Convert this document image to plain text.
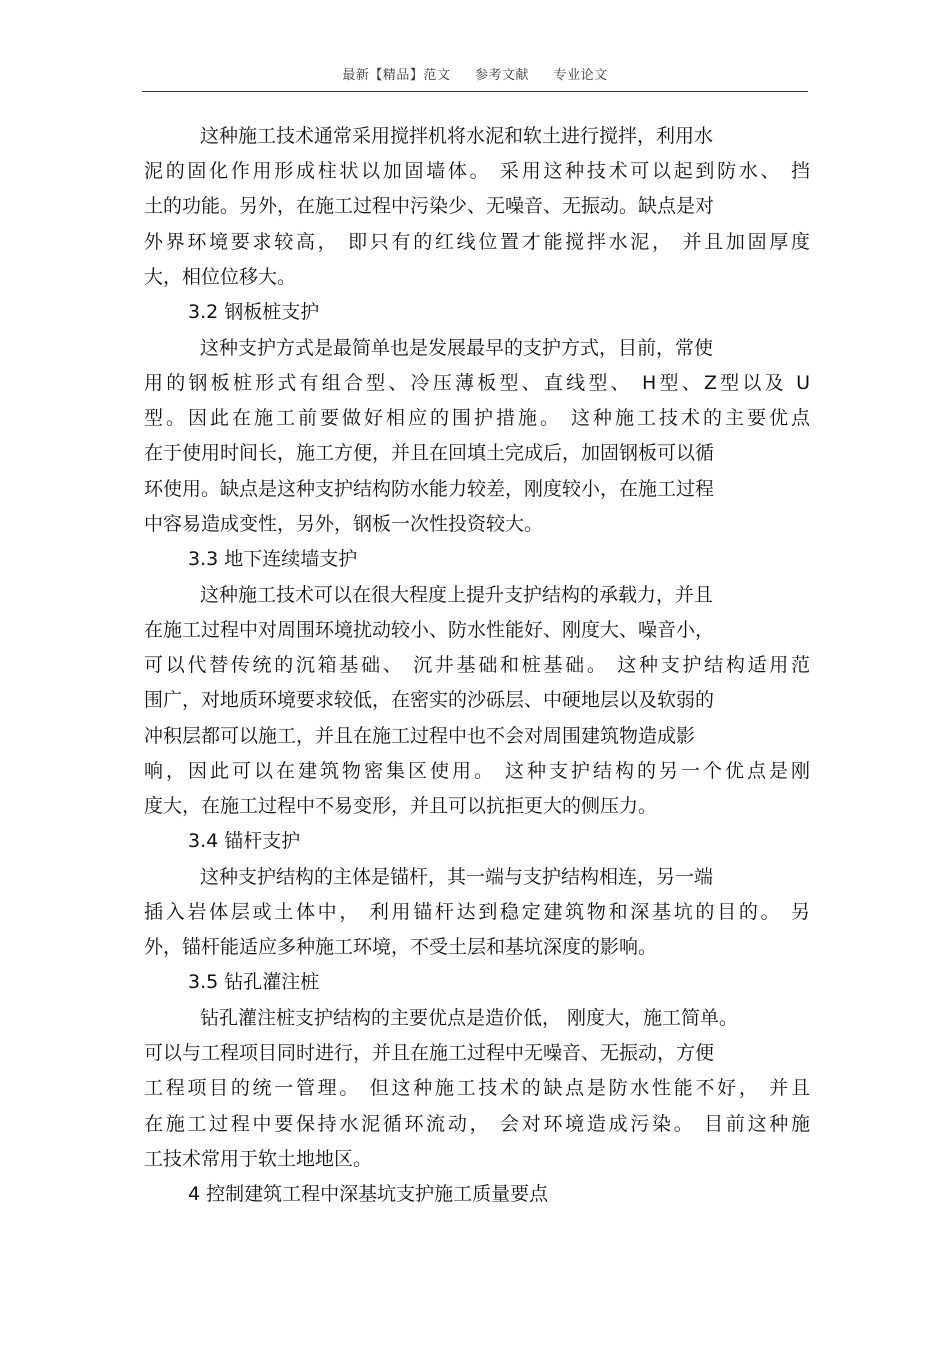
最新【精品】范文 参考文献 专业论文

这种施工技术通常采用搅拌机将水泥和软土进行搅拌，利用水

泥的固化作用形成柱状以加固墙体。 采用这种技术可以起到防水、 挡

土的功能。另外，在施工过程中污染少、无噪音、无振动。缺点是对

外界环境要求较高， 即只有的红线位置才能搅拌水泥， 并且加固厚度

大，相位位移大。

3.2 钢板桩支护

这种支护方式是最简单也是发展最早的支护方式，目前，常使

用的钢板桩形式有组合型、冷压薄板型、直线型、 H型、Z型以及 U

型。因此在施工前要做好相应的围护措施。 这种施工技术的主要优点

在于使用时间长，施工方便，并且在回填土完成后，加固钢板可以循

环使用。缺点是这种支护结构防水能力较差，刚度较小，在施工过程

中容易造成变性，另外，钢板一次性投资较大。

3.3 地下连续墙支护

这种施工技术可以在很大程度上提升支护结构的承载力，并且

在施工过程中对周围环境扰动较小、防水性能好、刚度大、噪音小，

可以代替传统的沉箱基础、 沉井基础和桩基础。 这种支护结构适用范

围广，对地质环境要求较低，在密实的沙砾层、中硬地层以及软弱的

冲积层都可以施工，并且在施工过程中也不会对周围建筑物造成影

响，因此可以在建筑物密集区使用。 这种支护结构的另一个优点是刚

度大，在施工过程中不易变形，并且可以抗拒更大的侧压力。

3.4 锚杆支护

这种支护结构的主体是锚杆，其一端与支护结构相连，另一端

插入岩体层或土体中， 利用锚杆达到稳定建筑物和深基坑的目的。 另

外，锚杆能适应多种施工环境，不受土层和基坑深度的影响。

3.5 钻孔灌注桩

钻孔灌注桩支护结构的主要优点是造价低， 刚度大，施工简单。

可以与工程项目同时进行，并且在施工过程中无噪音、无振动，方便

工程项目的统一管理。 但这种施工技术的缺点是防水性能不好， 并且

在施工过程中要保持水泥循环流动， 会对环境造成污染。 目前这种施

工技术常用于软土地地区。

4 控制建筑工程中深基坑支护施工质量要点
